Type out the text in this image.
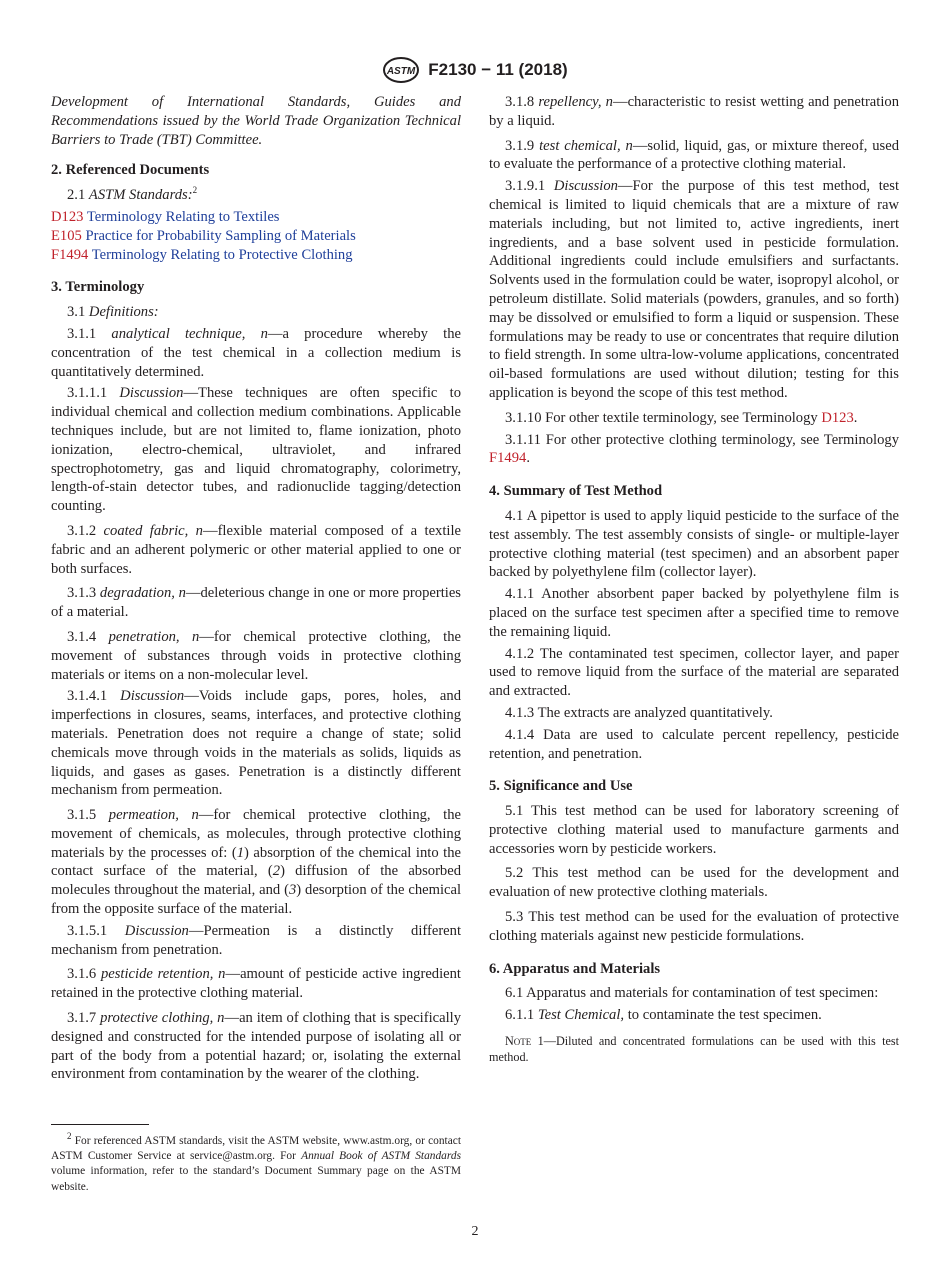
ASTM F2130 − 11 (2018)
Development of International Standards, Guides and Recommendations issued by the World Trade Organization Technical Barriers to Trade (TBT) Committee.
2. Referenced Documents
2.1 ASTM Standards:$^2$
D123 Terminology Relating to Textiles
E105 Practice for Probability Sampling of Materials
F1494 Terminology Relating to Protective Clothing
3. Terminology
3.1 Definitions:
3.1.1 analytical technique, n—a procedure whereby the concentration of the test chemical in a collection medium is quantitatively determined.
3.1.1.1 Discussion—These techniques are often specific to individual chemical and collection medium combinations. Applicable techniques include, but are not limited to, flame ionization, photo ionization, electro-chemical, ultraviolet, and infrared spectrophotometry, gas and liquid chromatography, colorimetry, length-of-stain detector tubes, and radionuclide tagging/detection counting.
3.1.2 coated fabric, n—flexible material composed of a textile fabric and an adherent polymeric or other material applied to one or both surfaces.
3.1.3 degradation, n—deleterious change in one or more properties of a material.
3.1.4 penetration, n—for chemical protective clothing, the movement of substances through voids in protective clothing materials or items on a non-molecular level.
3.1.4.1 Discussion—Voids include gaps, pores, holes, and imperfections in closures, seams, interfaces, and protective clothing materials. Penetration does not require a change of state; solid chemicals move through voids in the materials as solids, liquids as liquids, and gases as gases. Penetration is a distinctly different mechanism from permeation.
3.1.5 permeation, n—for chemical protective clothing, the movement of chemicals, as molecules, through protective clothing materials by the processes of: (1) absorption of the chemical into the contact surface of the material, (2) diffusion of the absorbed molecules throughout the material, and (3) desorption of the chemical from the opposite surface of the material.
3.1.5.1 Discussion—Permeation is a distinctly different mechanism from penetration.
3.1.6 pesticide retention, n—amount of pesticide active ingredient retained in the protective clothing material.
3.1.7 protective clothing, n—an item of clothing that is specifically designed and constructed for the intended purpose of isolating all or part of the body from a potential hazard; or, isolating the external environment from contamination by the wearer of the clothing.
3.1.8 repellency, n—characteristic to resist wetting and penetration by a liquid.
3.1.9 test chemical, n—solid, liquid, gas, or mixture thereof, used to evaluate the performance of a protective clothing material.
3.1.9.1 Discussion—For the purpose of this test method, test chemical is limited to liquid chemicals that are a mixture of raw materials including, but not limited to, active ingredients, inert ingredients, and a base solvent used in pesticide formulation. Additional ingredients could include emulsifiers and surfactants. Solvents used in the formulation could be water, isopropyl alcohol, or petroleum distillate. Solid materials (powders, granules, and so forth) may be dissolved or emulsified to form a liquid or suspension. These formulations may be ready to use or concentrates that require dilution to field strength. In some ultra-low-volume applications, concentrated oil-based formulations are used without dilution; testing for this application is beyond the scope of this test method.
3.1.10 For other textile terminology, see Terminology D123.
3.1.11 For other protective clothing terminology, see Terminology F1494.
4. Summary of Test Method
4.1 A pipettor is used to apply liquid pesticide to the surface of the test assembly. The test assembly consists of single- or multiple-layer protective clothing material (test specimen) and an absorbent paper backed by polyethylene film (collector layer).
4.1.1 Another absorbent paper backed by polyethylene film is placed on the surface test specimen after a specified time to remove the remaining liquid.
4.1.2 The contaminated test specimen, collector layer, and paper used to remove liquid from the surface of the material are separated and extracted.
4.1.3 The extracts are analyzed quantitatively.
4.1.4 Data are used to calculate percent repellency, pesticide retention, and penetration.
5. Significance and Use
5.1 This test method can be used for laboratory screening of protective clothing material used to manufacture garments and accessories worn by pesticide workers.
5.2 This test method can be used for the development and evaluation of new protective clothing materials.
5.3 This test method can be used for the evaluation of protective clothing materials against new pesticide formulations.
6. Apparatus and Materials
6.1 Apparatus and materials for contamination of test specimen:
6.1.1 Test Chemical, to contaminate the test specimen.
Note 1—Diluted and concentrated formulations can be used with this test method.
$^2$ For referenced ASTM standards, visit the ASTM website, www.astm.org, or contact ASTM Customer Service at service@astm.org. For Annual Book of ASTM Standards volume information, refer to the standard’s Document Summary page on the ASTM website.
2
